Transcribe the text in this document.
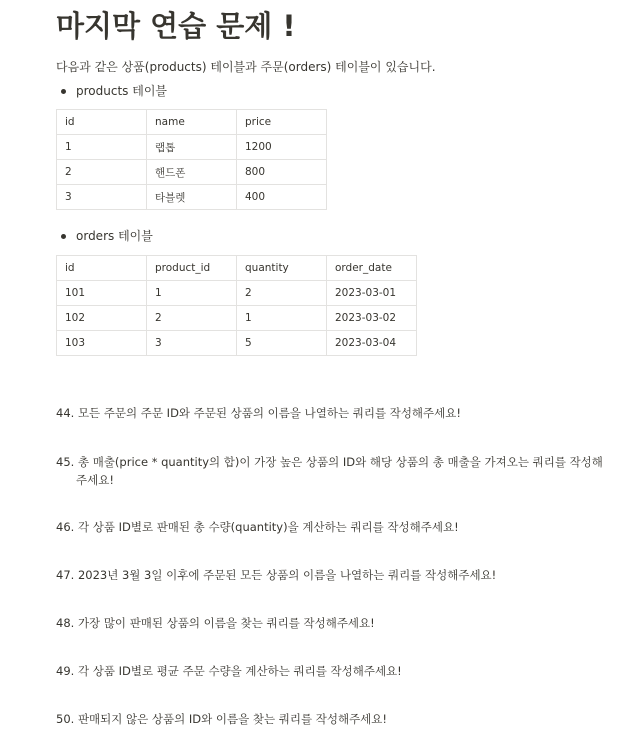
마지막 연습 문제 !
다음과 같은 상품(products) 테이블과 주문(orders) 테이블이 있습니다.
products 테이블
id	name	price
1	랩톱	1200
2	핸드폰	800
3	타블렛	400
orders 테이블
id	product_id	quantity	order_date
101	1	2	2023-03-01
102	2	1	2023-03-02
103	3	5	2023-03-04
44. 모든 주문의 주문 ID와 주문된 상품의 이름을 나열하는 쿼리를 작성해주세요!
45. 총 매출(price * quantity의 합)이 가장 높은 상품의 ID와 해당 상품의 총 매출을 가져오는 쿼리를 작성해주세요!
46. 각 상품 ID별로 판매된 총 수량(quantity)을 계산하는 쿼리를 작성해주세요!
47. 2023년 3월 3일 이후에 주문된 모든 상품의 이름을 나열하는 쿼리를 작성해주세요!
48. 가장 많이 판매된 상품의 이름을 찾는 쿼리를 작성해주세요!
49. 각 상품 ID별로 평균 주문 수량을 계산하는 쿼리를 작성해주세요!
50. 판매되지 않은 상품의 ID와 이름을 찾는 쿼리를 작성해주세요!
